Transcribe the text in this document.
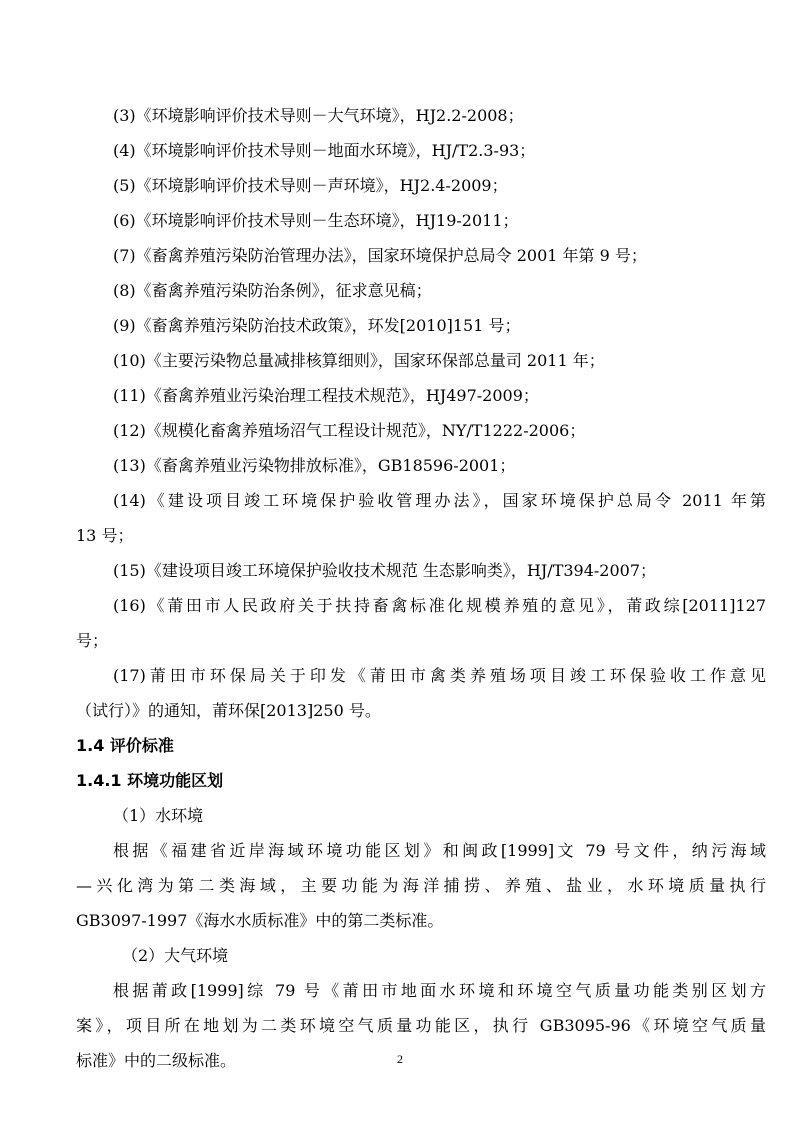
(3)《环境影响评价技术导则－大气环境》，HJ2.2-2008；
(4)《环境影响评价技术导则－地面水环境》，HJ/T2.3-93；
(5)《环境影响评价技术导则－声环境》，HJ2.4-2009；
(6)《环境影响评价技术导则－生态环境》，HJ19-2011；
(7)《畜禽养殖污染防治管理办法》，国家环境保护总局令 2001 年第 9 号；
(8)《畜禽养殖污染防治条例》，征求意见稿；
(9)《畜禽养殖污染防治技术政策》，环发[2010]151 号；
(10)《主要污染物总量减排核算细则》，国家环保部总量司 2011 年；
(11)《畜禽养殖业污染治理工程技术规范》，HJ497-2009；
(12)《规模化畜禽养殖场沼气工程设计规范》，NY/T1222-2006；
(13)《畜禽养殖业污染物排放标准》，GB18596-2001；
(14)《建设项目竣工环境保护验收管理办法》，国家环境保护总局令 2011 年第
13 号；
(15)《建设项目竣工环境保护验收技术规范 生态影响类》，HJ/T394-2007；
(16)《莆田市人民政府关于扶持畜禽标准化规模养殖的意见》，莆政综[2011]127
号；
(17)莆田市环保局关于印发《莆田市禽类养殖场项目竣工环保验收工作意见
（试行）》的通知，莆环保[2013]250 号。
1.4 评价标准
1.4.1 环境功能区划
（1）水环境
根据《福建省近岸海域环境功能区划》和闽政[1999]文 79 号文件，纳污海域
—兴化湾为第二类海域，主要功能为海洋捕捞、养殖、盐业，水环境质量执行
GB3097-1997《海水水质标准》中的第二类标准。
（2）大气环境
根据莆政[1999]综 79 号《莆田市地面水环境和环境空气质量功能类别区划方
案》，项目所在地划为二类环境空气质量功能区，执行 GB3095-96《环境空气质量
标准》中的二级标准。	2
